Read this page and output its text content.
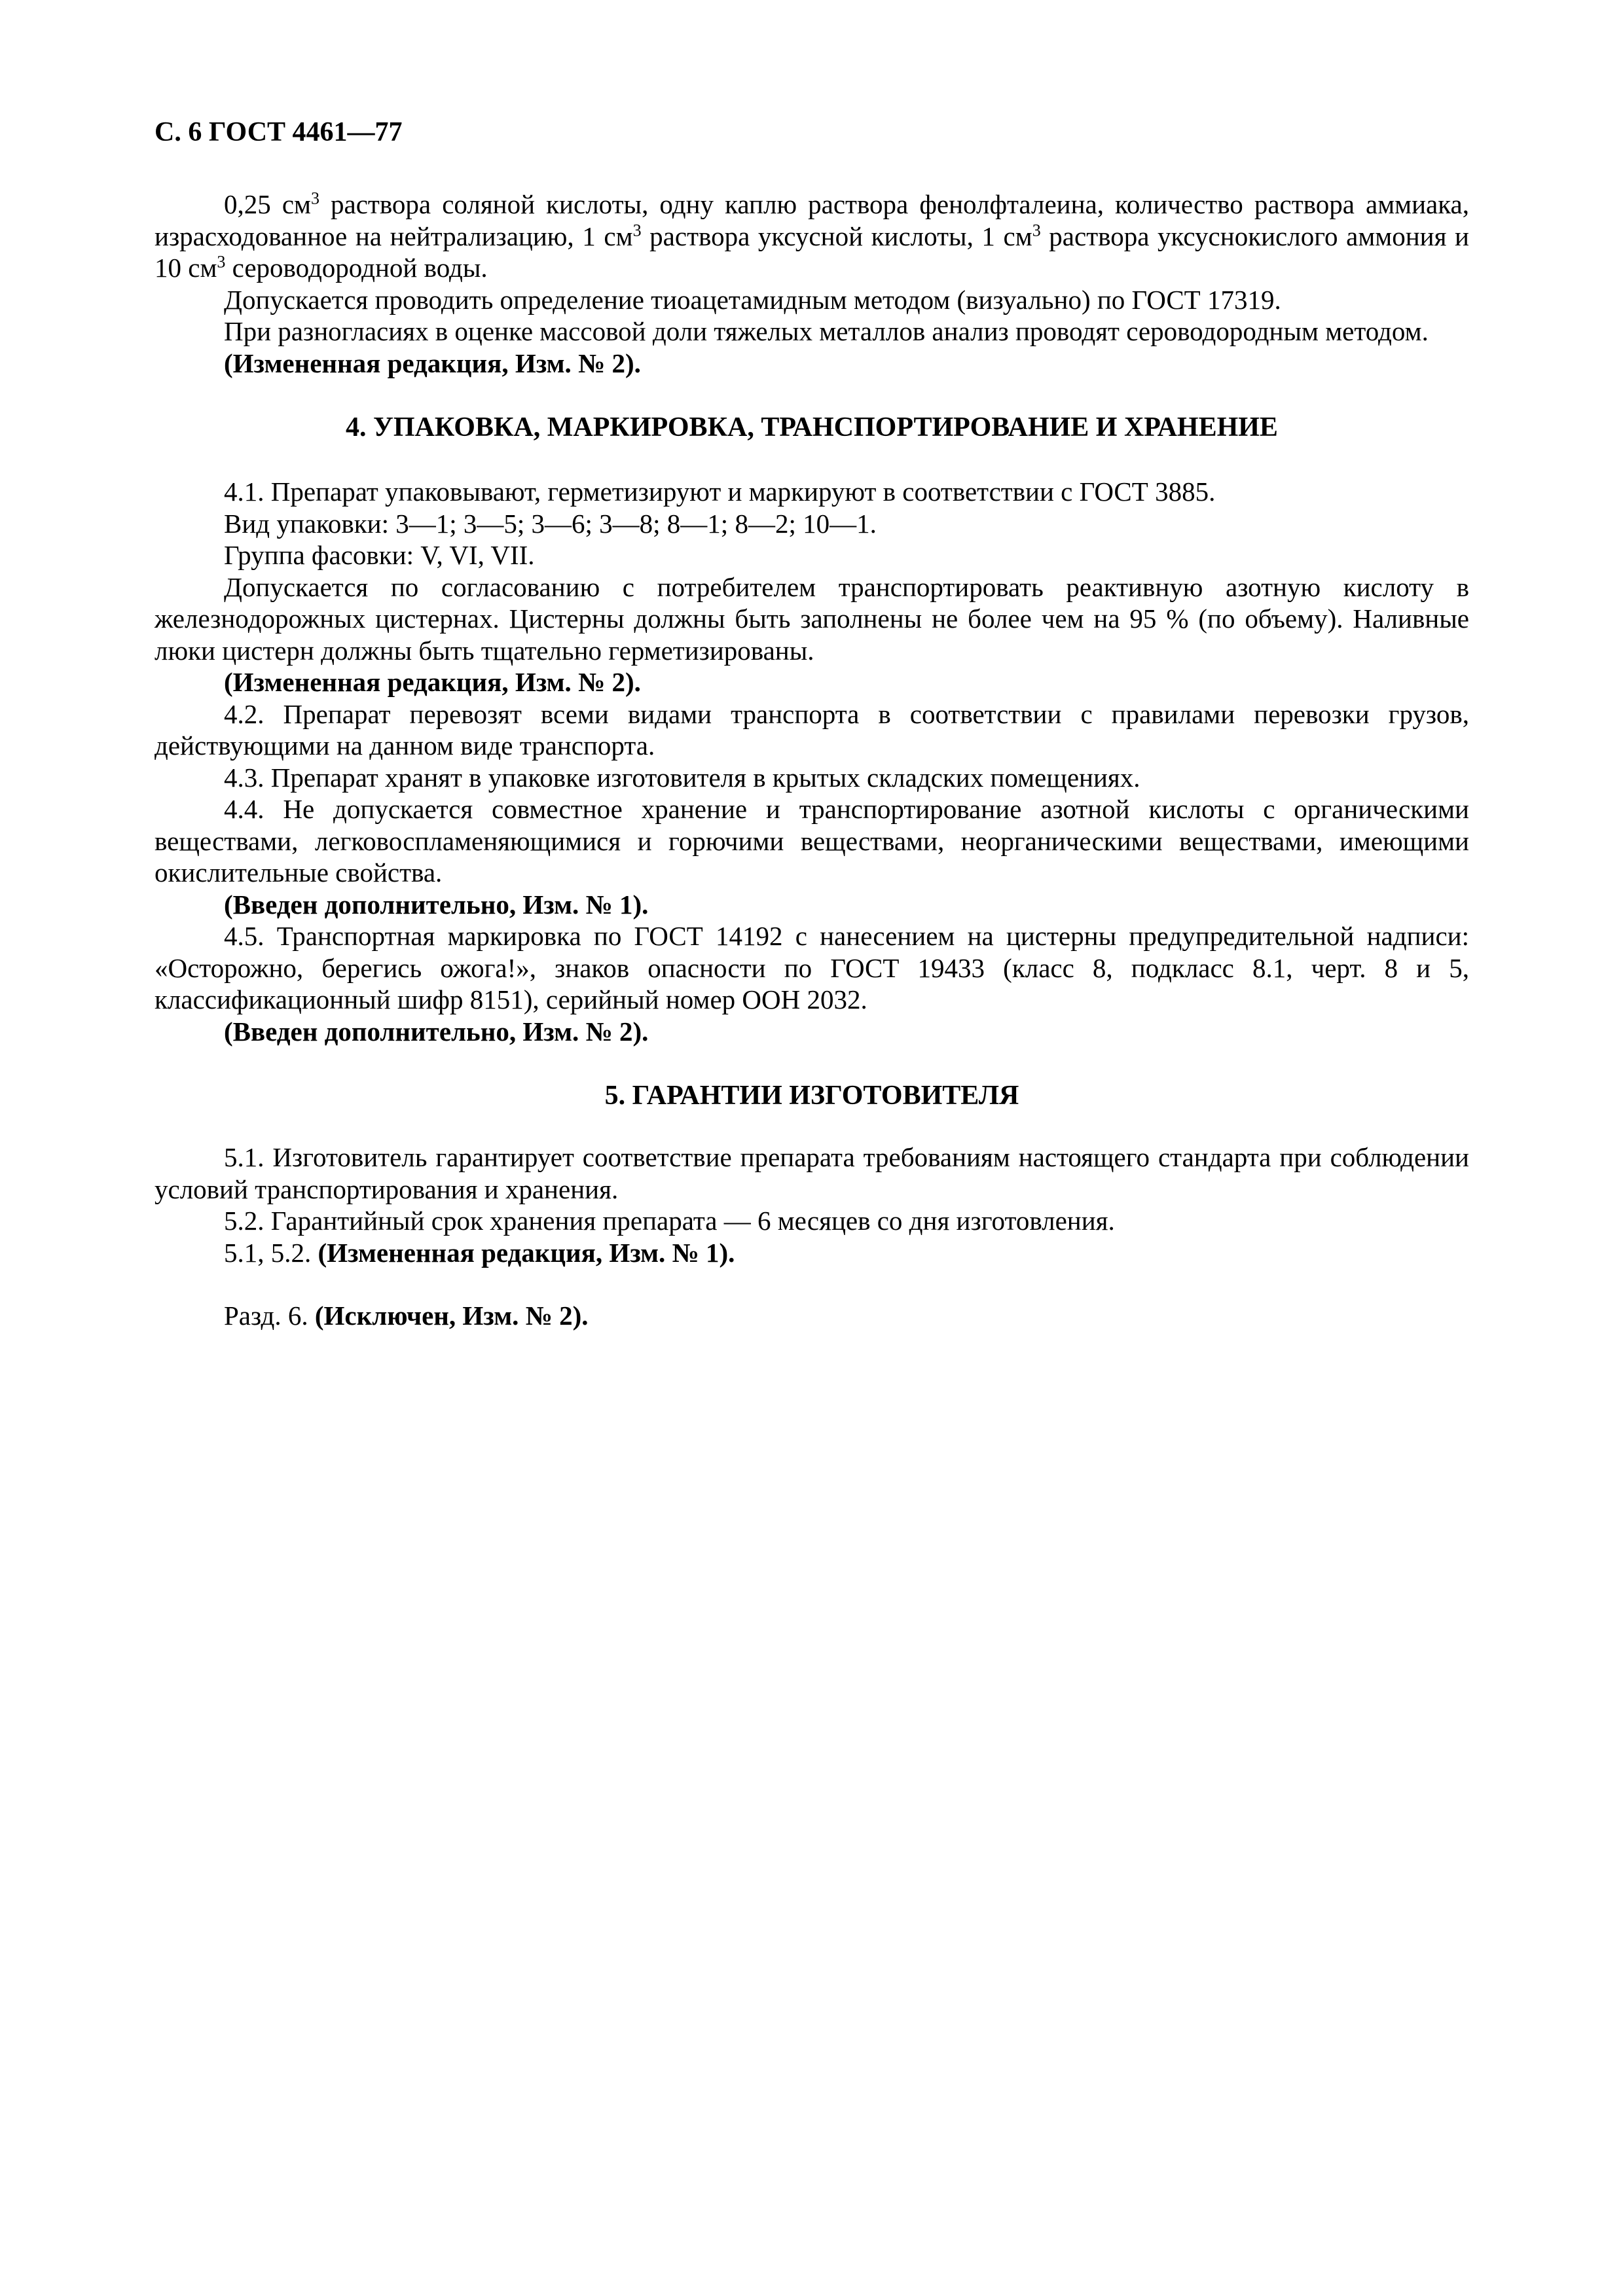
С. 6 ГОСТ 4461—77

0,25 $см^3$ раствора соляной кислоты, одну каплю раствора фенолфталеина, количество раствора аммиака, израсходованное на нейтрализацию, 1 $см^3$ раствора уксусной кислоты, 1 $см^3$ раствора уксуснокислого аммония и 10 $см^3$ сероводородной воды.

Допускается проводить определение тиоацетамидным методом (визуально) по ГОСТ 17319.

При разногласиях в оценке массовой доли тяжелых металлов анализ проводят сероводородным методом.

(Измененная редакция, Изм. № 2).

4. УПАКОВКА, МАРКИРОВКА, ТРАНСПОРТИРОВАНИЕ И ХРАНЕНИЕ

4.1. Препарат упаковывают, герметизируют и маркируют в соответствии с ГОСТ 3885.

Вид упаковки: 3—1; 3—5; 3—6; 3—8; 8—1; 8—2; 10—1.

Группа фасовки: V, VI, VII.

Допускается по согласованию с потребителем транспортировать реактивную азотную кислоту в железнодорожных цистернах. Цистерны должны быть заполнены не более чем на 95 % (по объему). Наливные люки цистерн должны быть тщательно герметизированы.

(Измененная редакция, Изм. № 2).

4.2. Препарат перевозят всеми видами транспорта в соответствии с правилами перевозки грузов, действующими на данном виде транспорта.

4.3. Препарат хранят в упаковке изготовителя в крытых складских помещениях.

4.4. Не допускается совместное хранение и транспортирование азотной кислоты с органическими веществами, легковоспламеняющимися и горючими веществами, неорганическими веществами, имеющими окислительные свойства.

(Введен дополнительно, Изм. № 1).

4.5. Транспортная маркировка по ГОСТ 14192 с нанесением на цистерны предупредительной надписи: «Осторожно, берегись ожога!», знаков опасности по ГОСТ 19433 (класс 8, подкласс 8.1, черт. 8 и 5, классификационный шифр 8151), серийный номер ООН 2032.

(Введен дополнительно, Изм. № 2).

5. ГАРАНТИИ ИЗГОТОВИТЕЛЯ

5.1. Изготовитель гарантирует соответствие препарата требованиям настоящего стандарта при соблюдении условий транспортирования и хранения.

5.2. Гарантийный срок хранения препарата — 6 месяцев со дня изготовления.

5.1, 5.2. (Измененная редакция, Изм. № 1).

Разд. 6. (Исключен, Изм. № 2).
